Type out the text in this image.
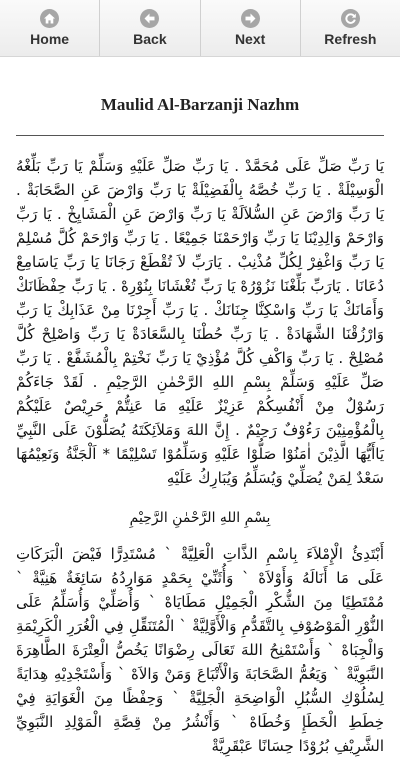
Home	Back	Next	Refresh
Maulid Al-Barzanji Nazhm
يَا رَبِّ صَلِّ عَلَى مُحَمَّدْ . يَا رَبِّ صَلِّ عَلَيْهِ وَسَلِّمْ يَا رَبِّ بَلِّغْهُ الْوَسِيْلَةْ . يَا رَبِّ خُصَّهُ بِالْفَضِيْلَةْ يَا رَبِّ وَارْضَ عَنِ الصَّحَابَةْ . يَا رَبِّ وَارْضَ عَنِ السُّلاَلَةْ يَا رَبِّ وَارْضَ عَنِ الْمَشَايِخْ . يَا رَبِّ وَارْحَمْ وَالِدِيْنَا يَا رَبِّ وَارْحَمْنَا جَمِيْعًا . يَا رَبِّ وَارْحَمْ كُلَّ مُسْلِمْ يَا رَبِّ وَاغْفِرْ لِكُلِّ مُذْنِبْ . يَارَبِّ لاَ تُقْطَعْ رَجَانَا يَا رَبِّ يَاسَامِعْ دُعَانَا . يَارَبِّ بَلِّغْنَا نَزُوْرُهْ يَا رَبِّ تُغْشَانَا بِنُوْرِهْ . يَا رَبِّ حِفْظَانَكْ وَأَمَانَكْ يَا رَبِّ وَاسْكِنَّا جِنَانَكْ . يَا رَبِّ أَجِرْنَا مِنْ عَذَابِكْ يَا رَبِّ وَارْزُقْنَا الشَّهَادَةْ . يَا رَبِّ حُطْنَا بِالسَّعَادَةْ يَا رَبِّ وَاصْلِحْ كُلَّ مُصْلِحْ . يَا رَبِّ وَاكْفِ كُلَّ مُؤْذِيْ يَا رَبِّ نَخْتِمْ بِالْمُشَفَّعْ . يَا رَبِّ صَلِّ عَلَيْهِ وَسَلِّمْ بِسْمِ اللهِ الرَّحْمٰنِ الرَّحِيْمِ . لَقَدْ جَاءَكُمْ رَسُوْلٌ مِنْ أَنْفُسِكُمْ عَزِيْزٌ عَلَيْهِ مَا عَنِتُّمْ حَرِيْصٌ عَلَيْكُمْ بِالْمُؤْمِنِيْنَ رَءُوْفٌ رَحِيْمٌ . إِنَّ اللهَ وَمَلاَئِكَتَهُ يُصَلُّوْنَ عَلَى النَّبِيِّ يَاأَيُّهَا الَّذِيْنَ اٰمَنُوْا صَلُّوْا عَلَيْهِ وَسَلِّمُوْا تَسْلِيْمًا * اَلْجَنَّةُ وَنَعِيْمُهَا سَعْدٌ لِمَنْ يُصَلِّيْ وَيُسَلِّمُ وَيُبَارِكُ عَلَيْهِ
بِسْمِ اللهِ الرَّحْمٰنِ الرَّحِيْمِ
أَبْتَدِئُ الْإِمْلاَءَ بِاسْمِ الذَّاتِ الْعَلِيَّةْ ` مُسْتَدِرًّا فَيْضَ الْبَرَكَاتِ عَلَى مَا أَنَالَهُ وَأَوْلاَهْ ` وَأُثَنِّيْ بِحَمْدٍ مَوَارِدُهُ سَائِغَةٌ هَنِيَّةْ ` مُمْتَطِيًا مِنَ الشُّكْرِ الْجَمِيْلِ مَطَايَاهْ ` وَأُصَلِّيْ وَأُسَلِّمُ عَلَى النُّوْرِ الْمَوْصُوْفِ بِالتَّقَدُّمِ وَالْأَوَّلِيَّةْ ` الْمُتَنَقِّلِ فِي الْغُرَرِ الْكَرِيْمَةِ وَالْجِبَاهْ ` وَأَسْتَمْنِحُ اللهَ تَعَالَى رِضْوَانًا يَخُصُّ الْعِتْرَةَ الطَّاهِرَةَ النَّبَوِيَّةْ ` وَيَعُمُّ الصَّحَابَةَ وَالْأَتْبَاعَ وَمَنْ وَالاَهْ ` وَأَسْتَجْدِيْهِ هِدَايَةً لِسُلُوْكِ السُّبُلِ الْوَاضِحَةِ الْجَلِيَّةْ ` وَحِفْظًا مِنَ الْغَوَايَةِ فِيْ خِطَطِ الْخَطَإِ وَخُطَاهْ ` وَأَنْشُرُ مِنْ قِصَّةِ الْمَوْلِدِ النَّبَوِيِّ الشَّرِيْفِ بُرُوْدًا حِسَانًا عَبْقَرِيَّةْ
